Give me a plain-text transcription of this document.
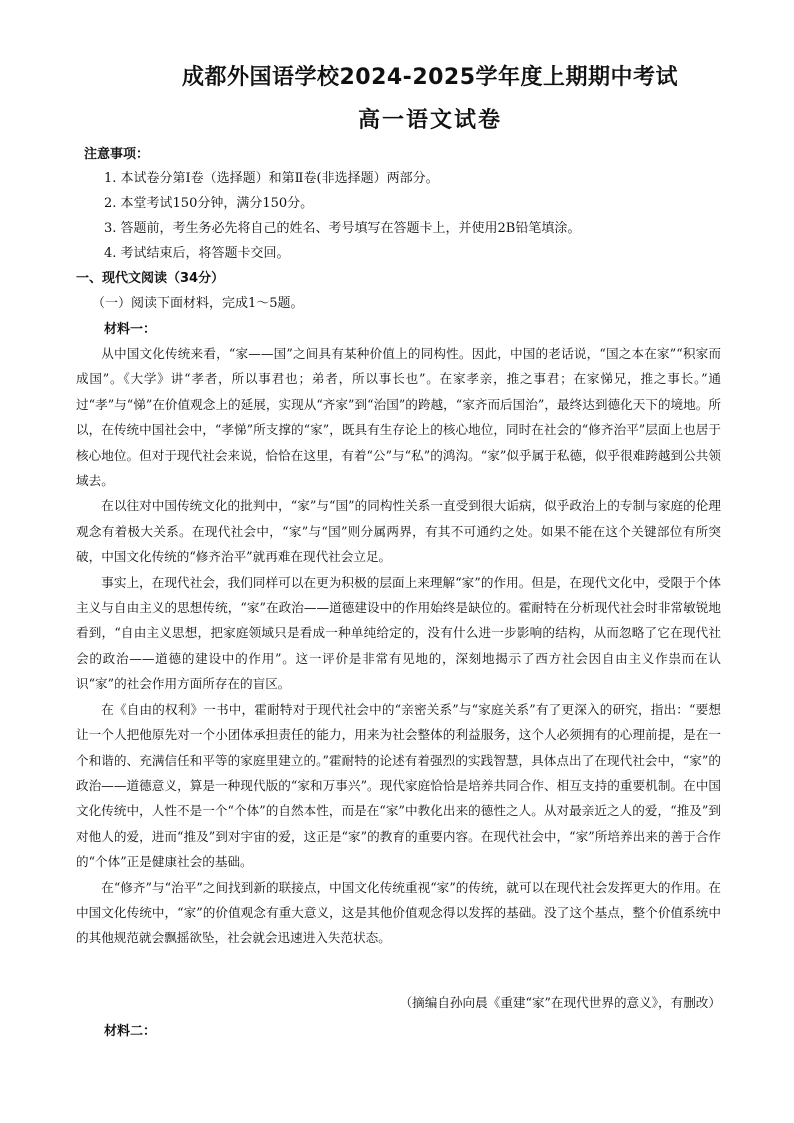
成都外国语学校2024-2025学年度上期期中考试
高一语文试卷
注意事项：
1. 本试卷分第Ⅰ卷（选择题）和第Ⅱ卷(非选择题）两部分。
2. 本堂考试150分钟，满分150分。
3. 答题前，考生务必先将自己的姓名、考号填写在答题卡上，并使用2B铅笔填涂。
4. 考试结束后，将答题卡交回。
一、现代文阅读（34分）
（一）阅读下面材料，完成1～5题。
材料一：

从中国文化传统来看，“家——国”之间具有某种价值上的同构性。因此，中国的老话说，“国之本在家”“积家而成国”。《大学》讲“孝者，所以事君也；弟者，所以事长也”。在家孝亲，推之事君；在家悌兄，推之事长。”通过“孝”与“悌”在价值观念上的延展，实现从“齐家”到“治国”的跨越，“家齐而后国治”，最终达到德化天下的境地。所以，在传统中国社会中，“孝悌”所支撑的“家”，既具有生存论上的核心地位，同时在社会的“修齐治平”层面上也居于核心地位。但对于现代社会来说，恰恰在这里，有着“公”与“私”的鸿沟。“家”似乎属于私德，似乎很难跨越到公共领域去。

在以往对中国传统文化的批判中，“家”与“国”的同构性关系一直受到很大诟病，似乎政治上的专制与家庭的伦理观念有着极大关系。在现代社会中，“家”与“国”则分属两界，有其不可通约之处。如果不能在这个关键部位有所突破，中国文化传统的“修齐治平”就再难在现代社会立足。

事实上，在现代社会，我们同样可以在更为积极的层面上来理解“家”的作用。但是，在现代文化中，受限于个体主义与自由主义的思想传统，“家”在政治——道德建设中的作用始终是缺位的。霍耐特在分析现代社会时非常敏锐地看到，“自由主义思想，把家庭领域只是看成一种单纯给定的，没有什么进一步影响的结构，从而忽略了它在现代社会的政治——道德的建设中的作用”。这一评价是非常有见地的，深刻地揭示了西方社会因自由主义作祟而在认识“家”的社会作用方面所存在的盲区。

在《自由的权利》一书中，霍耐特对于现代社会中的“亲密关系”与“家庭关系”有了更深入的研究，指出：“要想让一个人把他原先对一个小团体承担责任的能力，用来为社会整体的利益服务，这个人必须拥有的心理前提，是在一个和谐的、充满信任和平等的家庭里建立的。”霍耐特的论述有着强烈的实践智慧，具体点出了在现代社会中，“家”的政治——道德意义，算是一种现代版的“家和万事兴”。现代家庭恰恰是培养共同合作、相互支持的重要机制。在中国文化传统中，人性不是一个“个体”的自然本性，而是在“家”中教化出来的德性之人。从对最亲近之人的爱，“推及”到对他人的爱，进而“推及”到对宇宙的爱，这正是“家”的教育的重要内容。在现代社会中，“家”所培养出来的善于合作的“个体”正是健康社会的基础。

在“修齐”与“治平”之间找到新的联接点，中国文化传统重视“家”的传统，就可以在现代社会发挥更大的作用。在中国文化传统中，“家”的价值观念有重大意义，这是其他价值观念得以发挥的基础。没了这个基点，整个价值系统中的其他规范就会飘摇欲坠，社会就会迅速进入失范状态。

（摘编自孙向晨《重建“家”在现代世界的意义》，有删改）
材料二：
